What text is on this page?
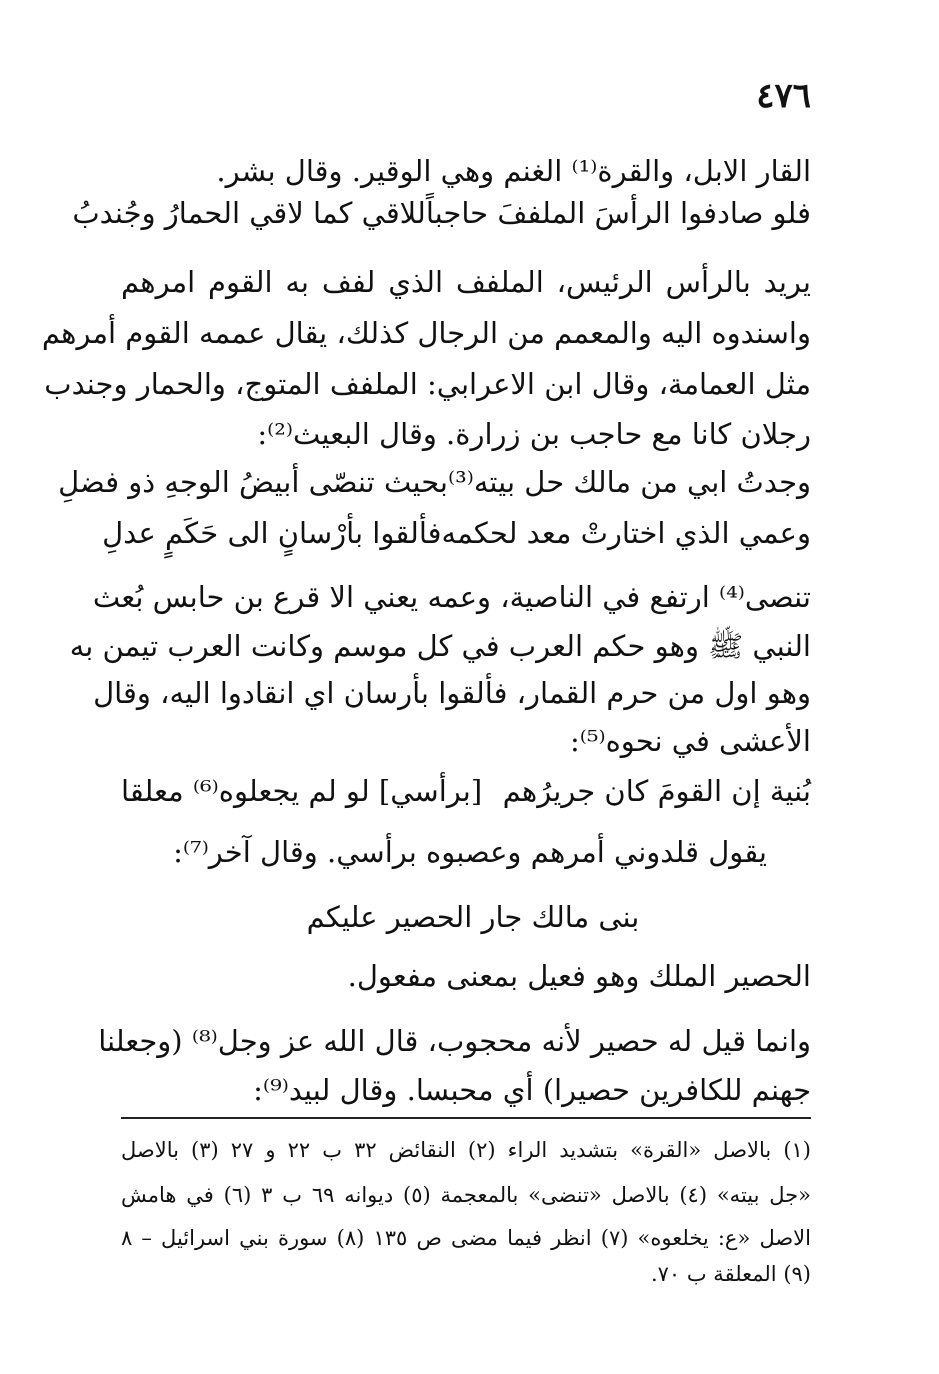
٤٧٦
القار الابل، والقرة⁽¹⁾ الغنم وهي الوقير. وقال بشر.
فلو صادفوا الرأسَ الملففَ حاجباً
للاقي كما لاقي الحمارُ وجُندبُ
يريد بالرأس الرئيس، الملفف الذي لفف به القوم امرهم
واسندوه اليه والمعمم من الرجال كذلك، يقال عممه القوم أمرهم
مثل العمامة، وقال ابن الاعرابي: الملفف المتوج، والحمار وجندب
رجلان كانا مع حاجب بن زرارة. وقال البعيث⁽²⁾:
وجدتُ ابي من مالك حل بيته⁽³⁾
بحيث تنصّى أبيضُ الوجهِ ذو فضلِ
وعمي الذي اختارتْ معد لحكمه
فألقوا بأرْسانٍ الى حَكَمٍ عدلِ
تنصى⁽⁴⁾ ارتفع في الناصية، وعمه يعني الا قرع بن حابس بُعث
النبي ﷺ وهو حكم العرب في كل موسم وكانت العرب تيمن به
وهو اول من حرم القمار، فألقوا بأرسان اي انقادوا اليه، وقال
الأعشى في نحوه⁽⁵⁾:
بُنية إن القومَ كان جريرُهم
[برأسي] لو لم يجعلوه⁽⁶⁾ معلقا
يقول قلدوني أمرهم وعصبوه برأسي. وقال آخر⁽⁷⁾:
بنى مالك جار الحصير عليكم
الحصير الملك وهو فعيل بمعنى مفعول.
وانما قيل له حصير لأنه محجوب، قال الله عز وجل⁽⁸⁾ (وجعلنا
جهنم للكافرين حصيرا) أي محبسا. وقال لبيد⁽⁹⁾:
(١) بالاصل «القرة» بتشديد الراء (٢) النقائض ٣٢ ب ٢٢ و ٢٧ (٣) بالاصل
«جل بيته» (٤) بالاصل «تنضى» بالمعجمة (٥) ديوانه ٦٩ ب ٣ (٦) في هامش
الاصل «ع: يخلعوه» (٧) انظر فيما مضى ص ١٣٥ (٨) سورة بني اسرائيل – ٨
(٩) المعلقة ب ٧٠.
